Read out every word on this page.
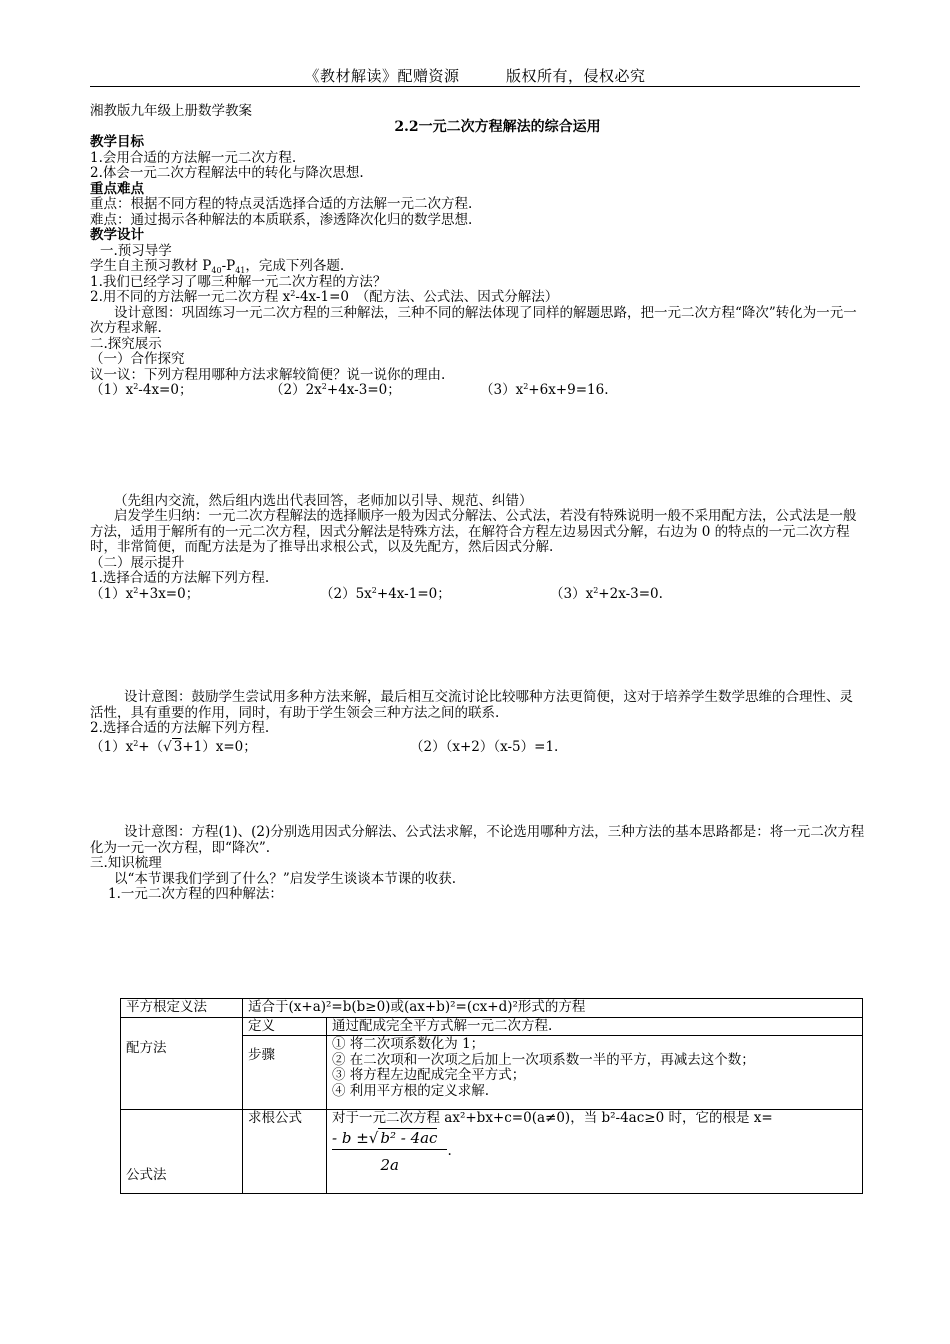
《教材解读》配赠资源　　　版权所有，侵权必究
湘教版九年级上册数学教案
2.2一元二次方程解法的综合运用
教学目标
1.会用合适的方法解一元二次方程.
2.体会一元二次方程解法中的转化与降次思想.
重点难点
重点：根据不同方程的特点灵活选择合适的方法解一元二次方程.
难点：通过揭示各种解法的本质联系，渗透降次化归的数学思想.
教学设计
一.预习导学
学生自主预习教材 $P_{40}-P_{41}$，完成下列各题.
1.我们已经学习了哪三种解一元二次方程的方法？
2.用不同的方法解一元二次方程 $x^2-4x-1=0$　（配方法、公式法、因式分解法）
设计意图：巩固练习一元二次方程的三种解法，三种不同的解法体现了同样的解题思路，把一元二次方程“降次”转化为一元一次方程求解.
二.探究展示
（一）合作探究
议一议：下列方程用哪种方法求解较简便？说一说你的理由.
$(1)x^2-4x=0$；	$(2)2x^2+4x-3=0$；	$(3)x^2+6x+9=16$.
（先组内交流，然后组内选出代表回答，老师加以引导、规范、纠错）
启发学生归纳：一元二次方程解法的选择顺序一般为因式分解法、公式法，若没有特殊说明一般不采用配方法，公式法是一般方法，适用于解所有的一元二次方程，因式分解法是特殊方法，在解符合方程左边易因式分解，右边为 0 的特点的一元二次方程时，非常简便，而配方法是为了推导出求根公式，以及先配方，然后因式分解.
（二）展示提升
1.选择合适的方法解下列方程.
$(1)x^2+3x=0$；	$(2)5x^2+4x-1=0$；	$(3)x^2+2x-3=0$.
设计意图：鼓励学生尝试用多种方法来解，最后相互交流讨论比较哪种方法更简便，这对于培养学生数学思维的合理性、灵活性，具有重要的作用，同时，有助于学生领会三种方法之间的联系.
2.选择合适的方法解下列方程.
$(1)x^2+(√$ 3+1）x=0；	（2）（x+2）（x-5）=1.
设计意图：方程(1)、(2)分别选用因式分解法、公式法求解，不论选用哪种方法，三种方法的基本思路都是：将一元二次方程化为一元一次方程，即“降次”.
三.知识梳理
以“本节课我们学到了什么？”启发学生谈谈本节课的收获.
1.一元二次方程的四种解法：
平方根定义法	适合于(x+a)²=b(b≥0)或(ax+b)²=(cx+d)²形式的方程	
配方法	定义	通过配成完全平方式解一元二次方程.
	步骤	① 将二次项系数化为 1；
② 在二次项和一次项之后加上一次项系数一半的平方，再减去这个数；
③ 将方程左边配成完全平方式；
④ 利用平方根的定义求解.

公式法	求根公式	对于一元二次方程 ax²+bx+c=0(a≠0)，当 b²-4ac≥0 时，它的根是 x=
$\frac{\text{- b ±√ b² - 4ac}}{2a}$ .
